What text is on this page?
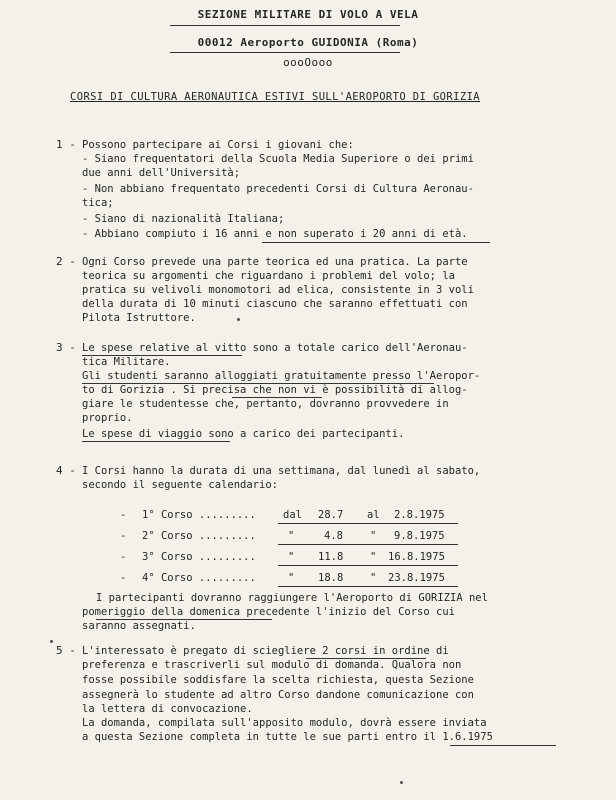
SEZIONE MILITARE DI VOLO A VELA
00012 Aeroporto GUIDONIA (Roma)
oooOooo
CORSI DI CULTURA AERONAUTICA ESTIVI SULL'AEROPORTO DI GORIZIA
1 - Possono partecipare ai Corsi i giovani che:
- Siano frequentatori della Scuola Media Superiore o dei primi
due anni dell'Università;
- Non abbiano frequentato precedenti Corsi di Cultura Aeronau-
tica;
- Siano di nazionalità Italiana;
- Abbiano compiuto i 16 anni e non superato i 20 anni di età.
2 - Ogni Corso prevede una parte teorica ed una pratica. La parte
teorica su argomenti che riguardano i problemi del volo; la
pratica su velivoli monomotori ad elica, consistente in 3 voli
della durata di 10 minuti ciascuno che saranno effettuati con
Pilota Istruttore.
3 - Le spese relative al vitto sono a totale carico dell'Aeronau-
tica Militare.
Gli studenti saranno alloggiati gratuitamente presso l'Aeropor-
to di Gorizia . Si precisa che non vi è possibilità di allog-
giare le studentesse che, pertanto, dovranno provvedere in
proprio.
Le spese di viaggio sono a carico dei partecipanti.
4 - I Corsi hanno la durata di una settimana, dal lunedì al sabato,
secondo il seguente calendario:
- 1° Corso .........	dal 28.7 al 2.8.1975
- 2° Corso .........	"	4.8	" 9.8.1975
- 3° Corso .........	" 11.8	" 16.8.1975
- 4° Corso .........	" 18.8	" 23.8.1975
I partecipanti dovranno raggiungere l'Aeroporto di GORIZIA nel
pomeriggio della domenica precedente l'inizio del Corso cui
saranno assegnati.
5 - L'interessato è pregato di sciegliere 2 corsi in ordine di
preferenza e trascriverli sul modulo di domanda. Qualora non
fosse possibile soddisfare la scelta richiesta, questa Sezione
assegnerà lo studente ad altro Corso dandone comunicazione con
la lettera di convocazione.
La domanda, compilata sull'apposito modulo, dovrà essere inviata
a questa Sezione completa in tutte le sue parti entro il 1.6.1975
